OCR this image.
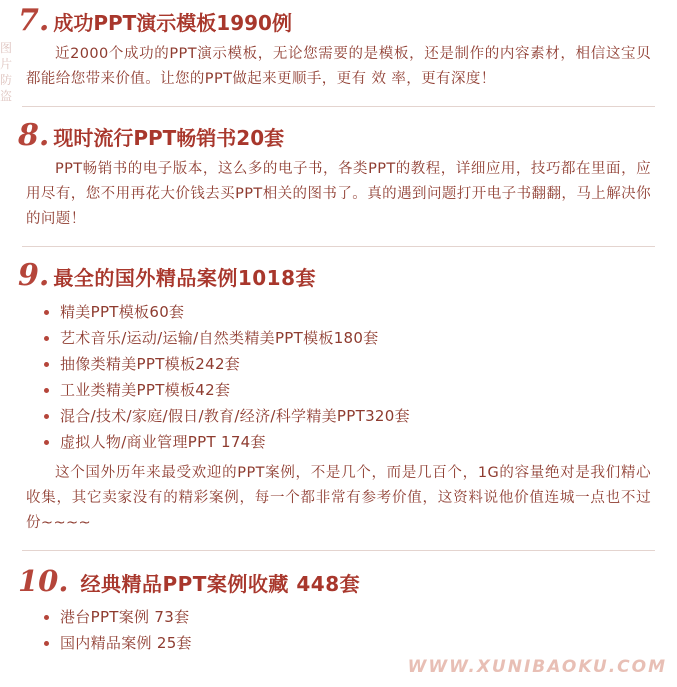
图片防盗
7. 成功PPT演示模板1990例

近2000个成功的PPT演示模板，无论您需要的是模板，还是制作的内容素材，相信这宝贝都能给您带来价值。让您的PPT做起来更顺手，更有 效 率，更有深度！

8. 现时流行PPT畅销书20套

PPT畅销书的电子版本，这么多的电子书，各类PPT的教程，详细应用，技巧都在里面，应用尽有，您不用再花大价钱去买PPT相关的图书了。真的遇到问题打开电子书翻翻，马上解决你的问题！

9. 最全的国外精品案例1018套
精美PPT模板60套
艺术音乐/运动/运输/自然类精美PPT模板180套
抽像类精美PPT模板242套
工业类精美PPT模板42套
混合/技术/家庭/假日/教育/经济/科学精美PPT320套
虚拟人物/商业管理PPT 174套

这个国外历年来最受欢迎的PPT案例，不是几个，而是几百个，1G的容量绝对是我们精心收集，其它卖家没有的精彩案例，每一个都非常有参考价值，这资料说他价值连城一点也不过份~~~~

10. 经典精品PPT案例收藏 448套
港台PPT案例 73套
国内精品案例 25套
WWW.XUNIBAOKU.COM
